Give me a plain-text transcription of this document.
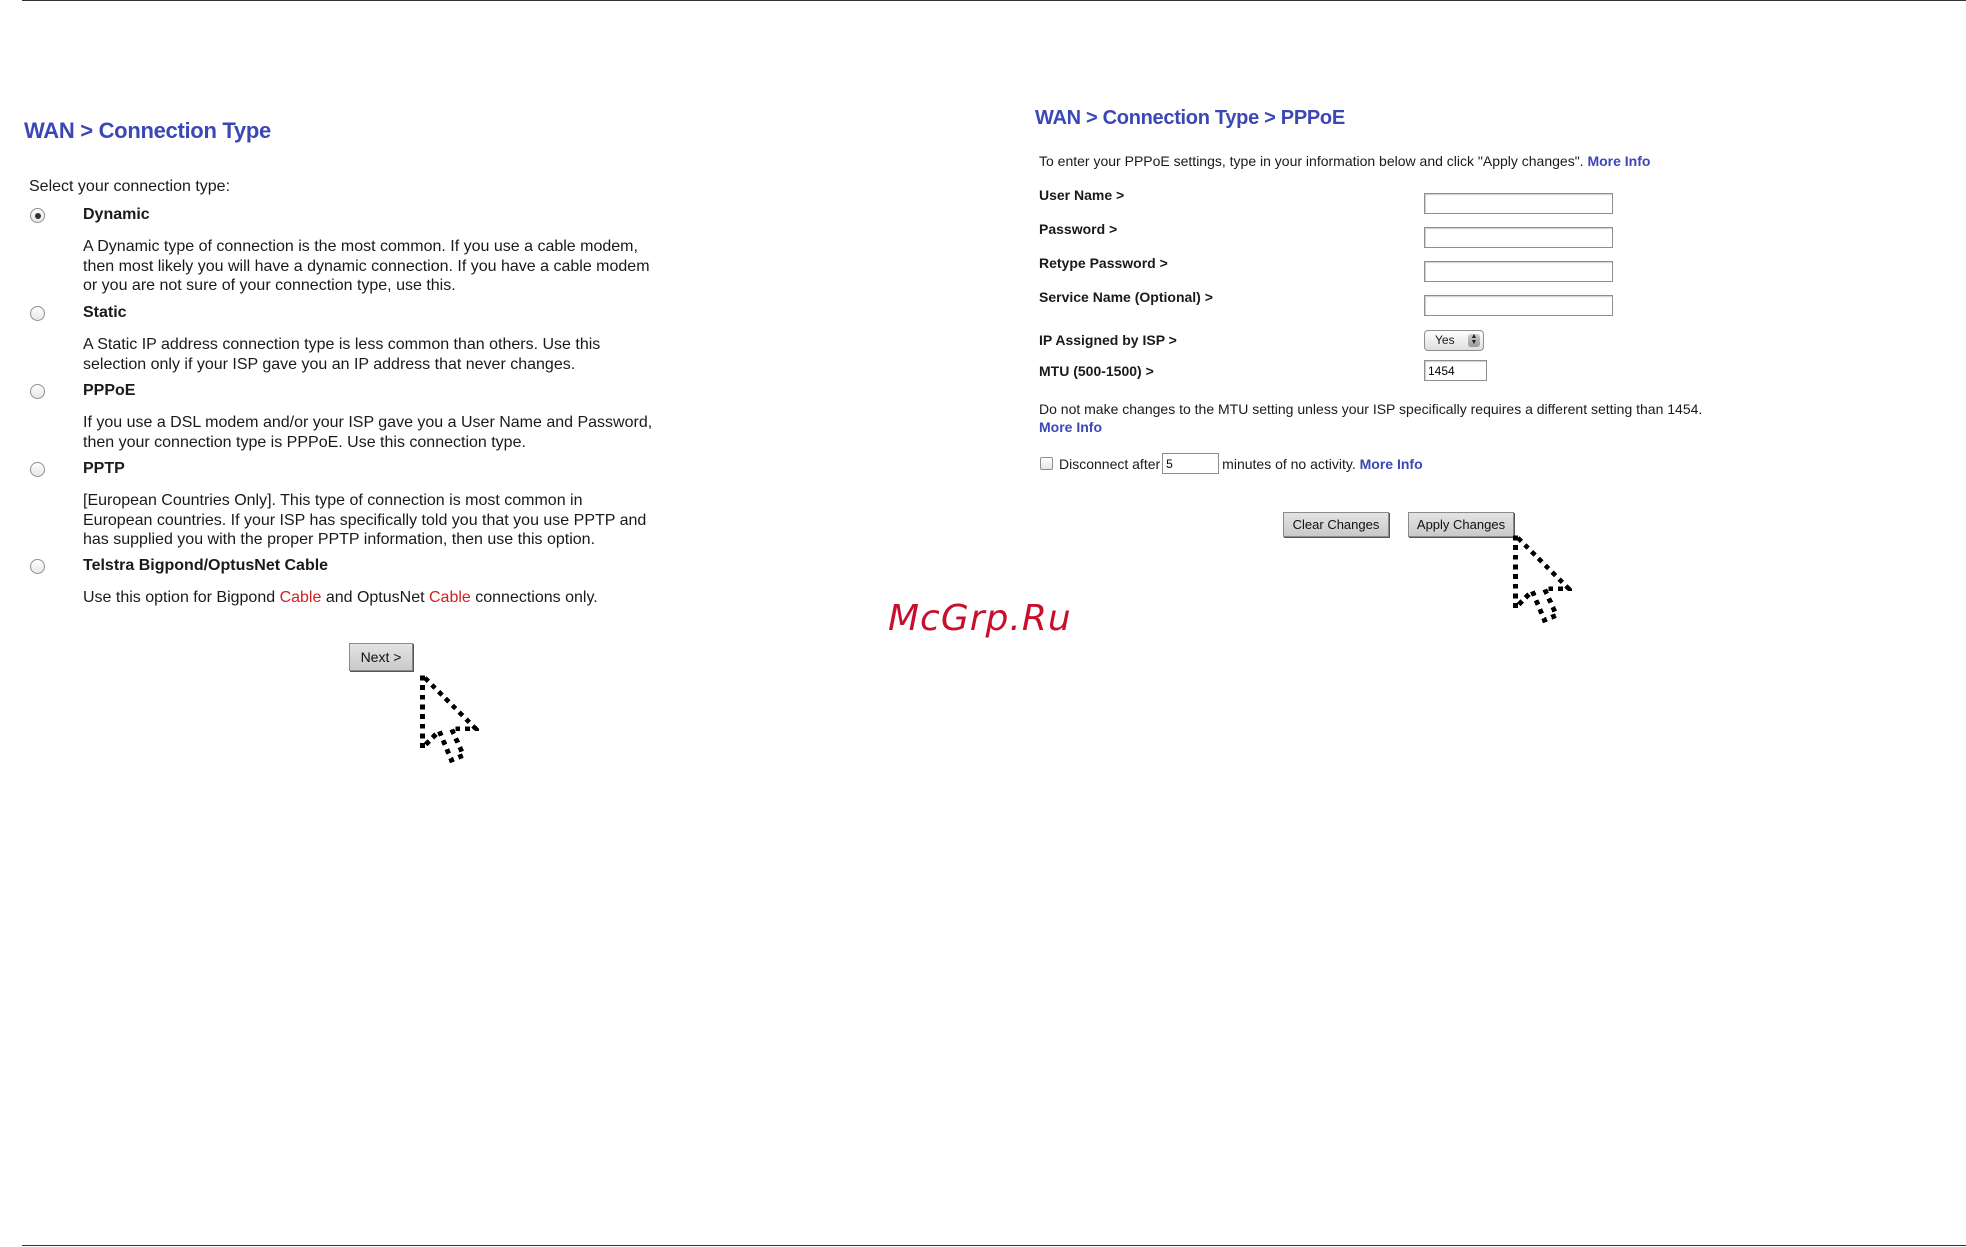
WAN > Connection Type
Select your connection type:
Dynamic
A Dynamic type of connection is the most common. If you use a cable modem,
then most likely you will have a dynamic connection. If you have a cable modem
or you are not sure of your connection type, use this.
Static
A Static IP address connection type is less common than others. Use this
selection only if your ISP gave you an IP address that never changes.
PPPoE
If you use a DSL modem and/or your ISP gave you a User Name and Password,
then your connection type is PPPoE. Use this connection type.
PPTP
[European Countries Only]. This type of connection is most common in
European countries. If your ISP has specifically told you that you use PPTP and
has supplied you with the proper PPTP information, then use this option.
Telstra Bigpond/OptusNet Cable
Use this option for Bigpond Cable and OptusNet Cable connections only.
Next >
WAN > Connection Type > PPPoE
To enter your PPPoE settings, type in your information below and click "Apply changes". More Info
User Name >
Password >
Retype Password >
Service Name (Optional) >
IP Assigned by ISP >	Yes	▲
▼
MTU (500-1500) >
1454
Do not make changes to the MTU setting unless your ISP specifically requires a different setting than 1454.
More Info
Disconnect after
5	minutes of no activity.
More Info
Clear Changes	Apply Changes
McGrp.Ru
